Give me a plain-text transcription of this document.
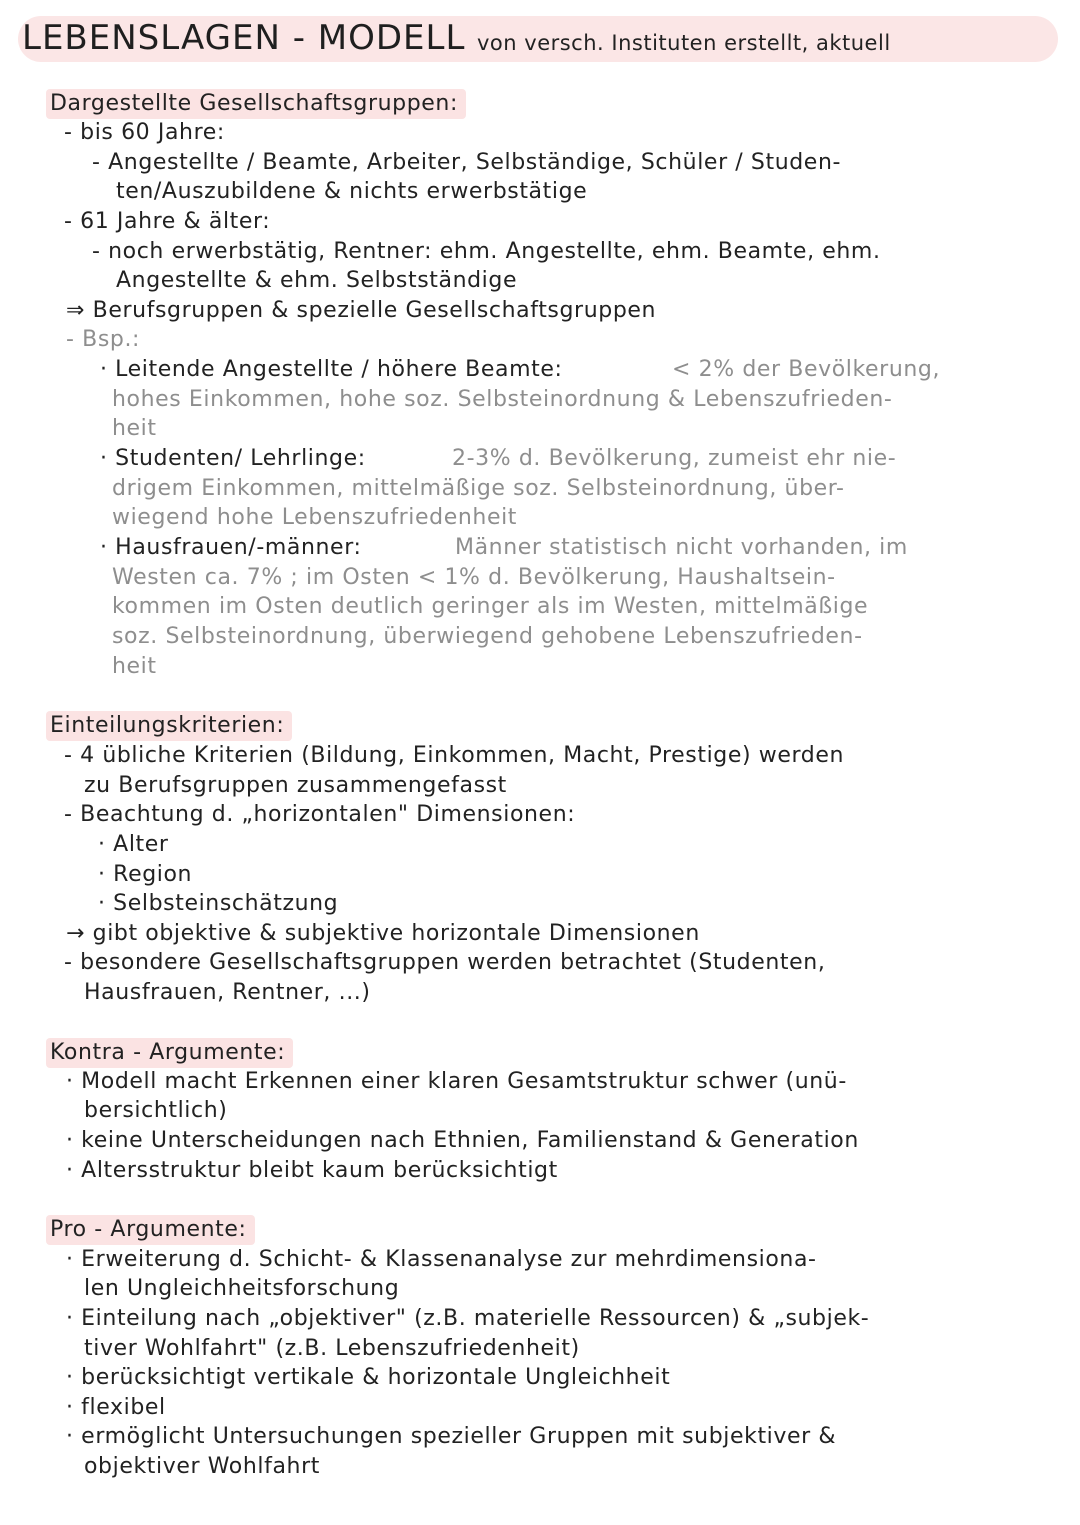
LEBENSLAGEN - MODELL von versch. Instituten erstellt, aktuell
Dargestellte Gesellschaftsgruppen:
- bis 60 Jahre:
- Angestellte / Beamte, Arbeiter, Selbständige, Schüler / Studen-
ten/Auszubildene & nichts erwerbstätige
- 61 Jahre & älter:
- noch erwerbstätig, Rentner: ehm. Angestellte, ehm. Beamte, ehm.
Angestellte & ehm. Selbstständige
⇒ Berufsgruppen & spezielle Gesellschaftsgruppen
- Bsp.:
· Leitende Angestellte / höhere Beamte:	< 2% der Bevölkerung,
hohes Einkommen, hohe soz. Selbsteinordnung & Lebenszufrieden-
heit
· Studenten/ Lehrlinge:	2-3% d. Bevölkerung, zumeist ehr nie-
drigem Einkommen, mittelmäßige soz. Selbsteinordnung, über-
wiegend hohe Lebenszufriedenheit
· Hausfrauen/-männer:	Männer statistisch nicht vorhanden, im
Westen ca. 7% ; im Osten < 1% d. Bevölkerung, Haushaltsein-
kommen im Osten deutlich geringer als im Westen, mittelmäßige
soz. Selbsteinordnung, überwiegend gehobene Lebenszufrieden-
heit
Einteilungskriterien:
- 4 übliche Kriterien (Bildung, Einkommen, Macht, Prestige) werden
zu Berufsgruppen zusammengefasst
- Beachtung d. „horizontalen" Dimensionen:
· Alter
· Region
· Selbsteinschätzung
→ gibt objektive & subjektive horizontale Dimensionen
- besondere Gesellschaftsgruppen werden betrachtet (Studenten,
Hausfrauen, Rentner, ...)
Kontra - Argumente:
· Modell macht Erkennen einer klaren Gesamtstruktur schwer (unü-
bersichtlich)
· keine Unterscheidungen nach Ethnien, Familienstand & Generation
· Altersstruktur bleibt kaum berücksichtigt
Pro - Argumente:
· Erweiterung d. Schicht- & Klassenanalyse zur mehrdimensiona-
len Ungleichheitsforschung
· Einteilung nach „objektiver" (z.B. materielle Ressourcen) & „subjek-
tiver Wohlfahrt" (z.B. Lebenszufriedenheit)
· berücksichtigt vertikale & horizontale Ungleichheit
· flexibel
· ermöglicht Untersuchungen spezieller Gruppen mit subjektiver &
objektiver Wohlfahrt
